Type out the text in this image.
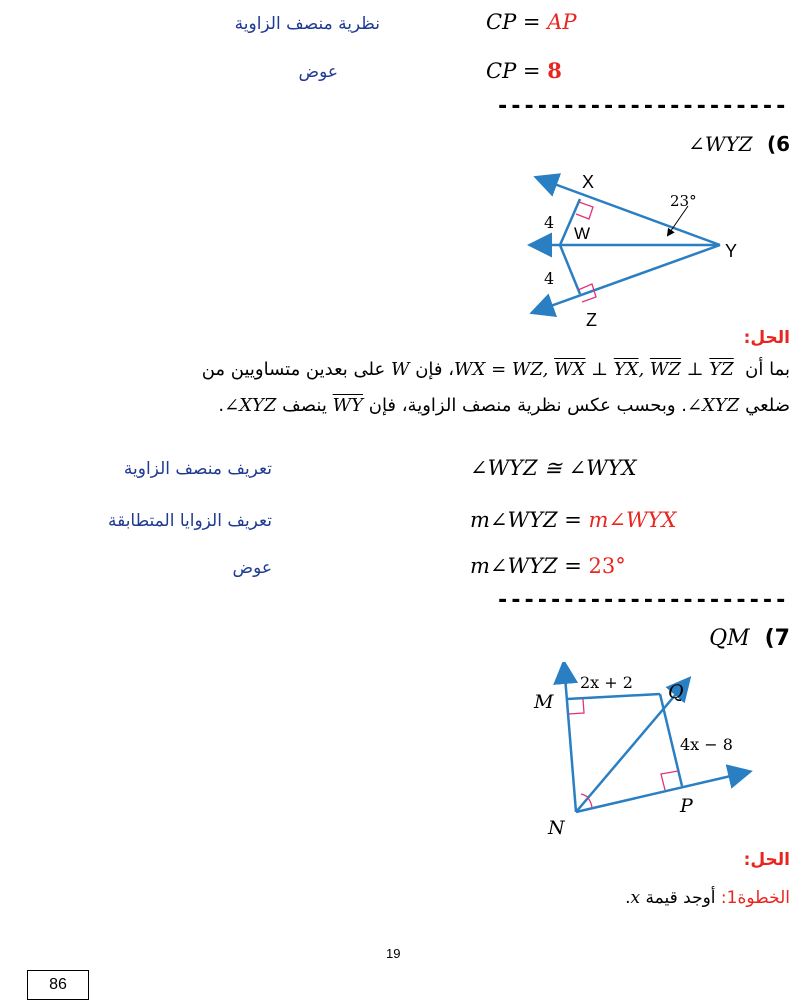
CP = AP
نظرية منصف الزاوية
CP = 8
عوض
----------------------
∠WYZ (6
X
W
Y
Z
4
4
23°
الحل:
بما أن WX = WZ, $\overline{WX}$ ⊥ $\overline{YX}$, $\overline{WZ}$ ⊥ $\overline{YZ}$ ، فإن W على بعدين متساويين من
ضلعي ∠XYZ. وبحسب عكس نظرية منصف الزاوية، فإن $\overline{WY}$ ينصف ∠XYZ.
∠WYZ ≅ ∠WYX
تعريف منصف الزاوية
m∠WYZ = m∠WYX
تعريف الزوايا المتطابقة
m∠WYZ = 23°
عوض
----------------------
QM (7
M	Q
N
P
2x + 2
4x − 8
الحل:
الخطوة1: أوجد قيمة x.
19
86
